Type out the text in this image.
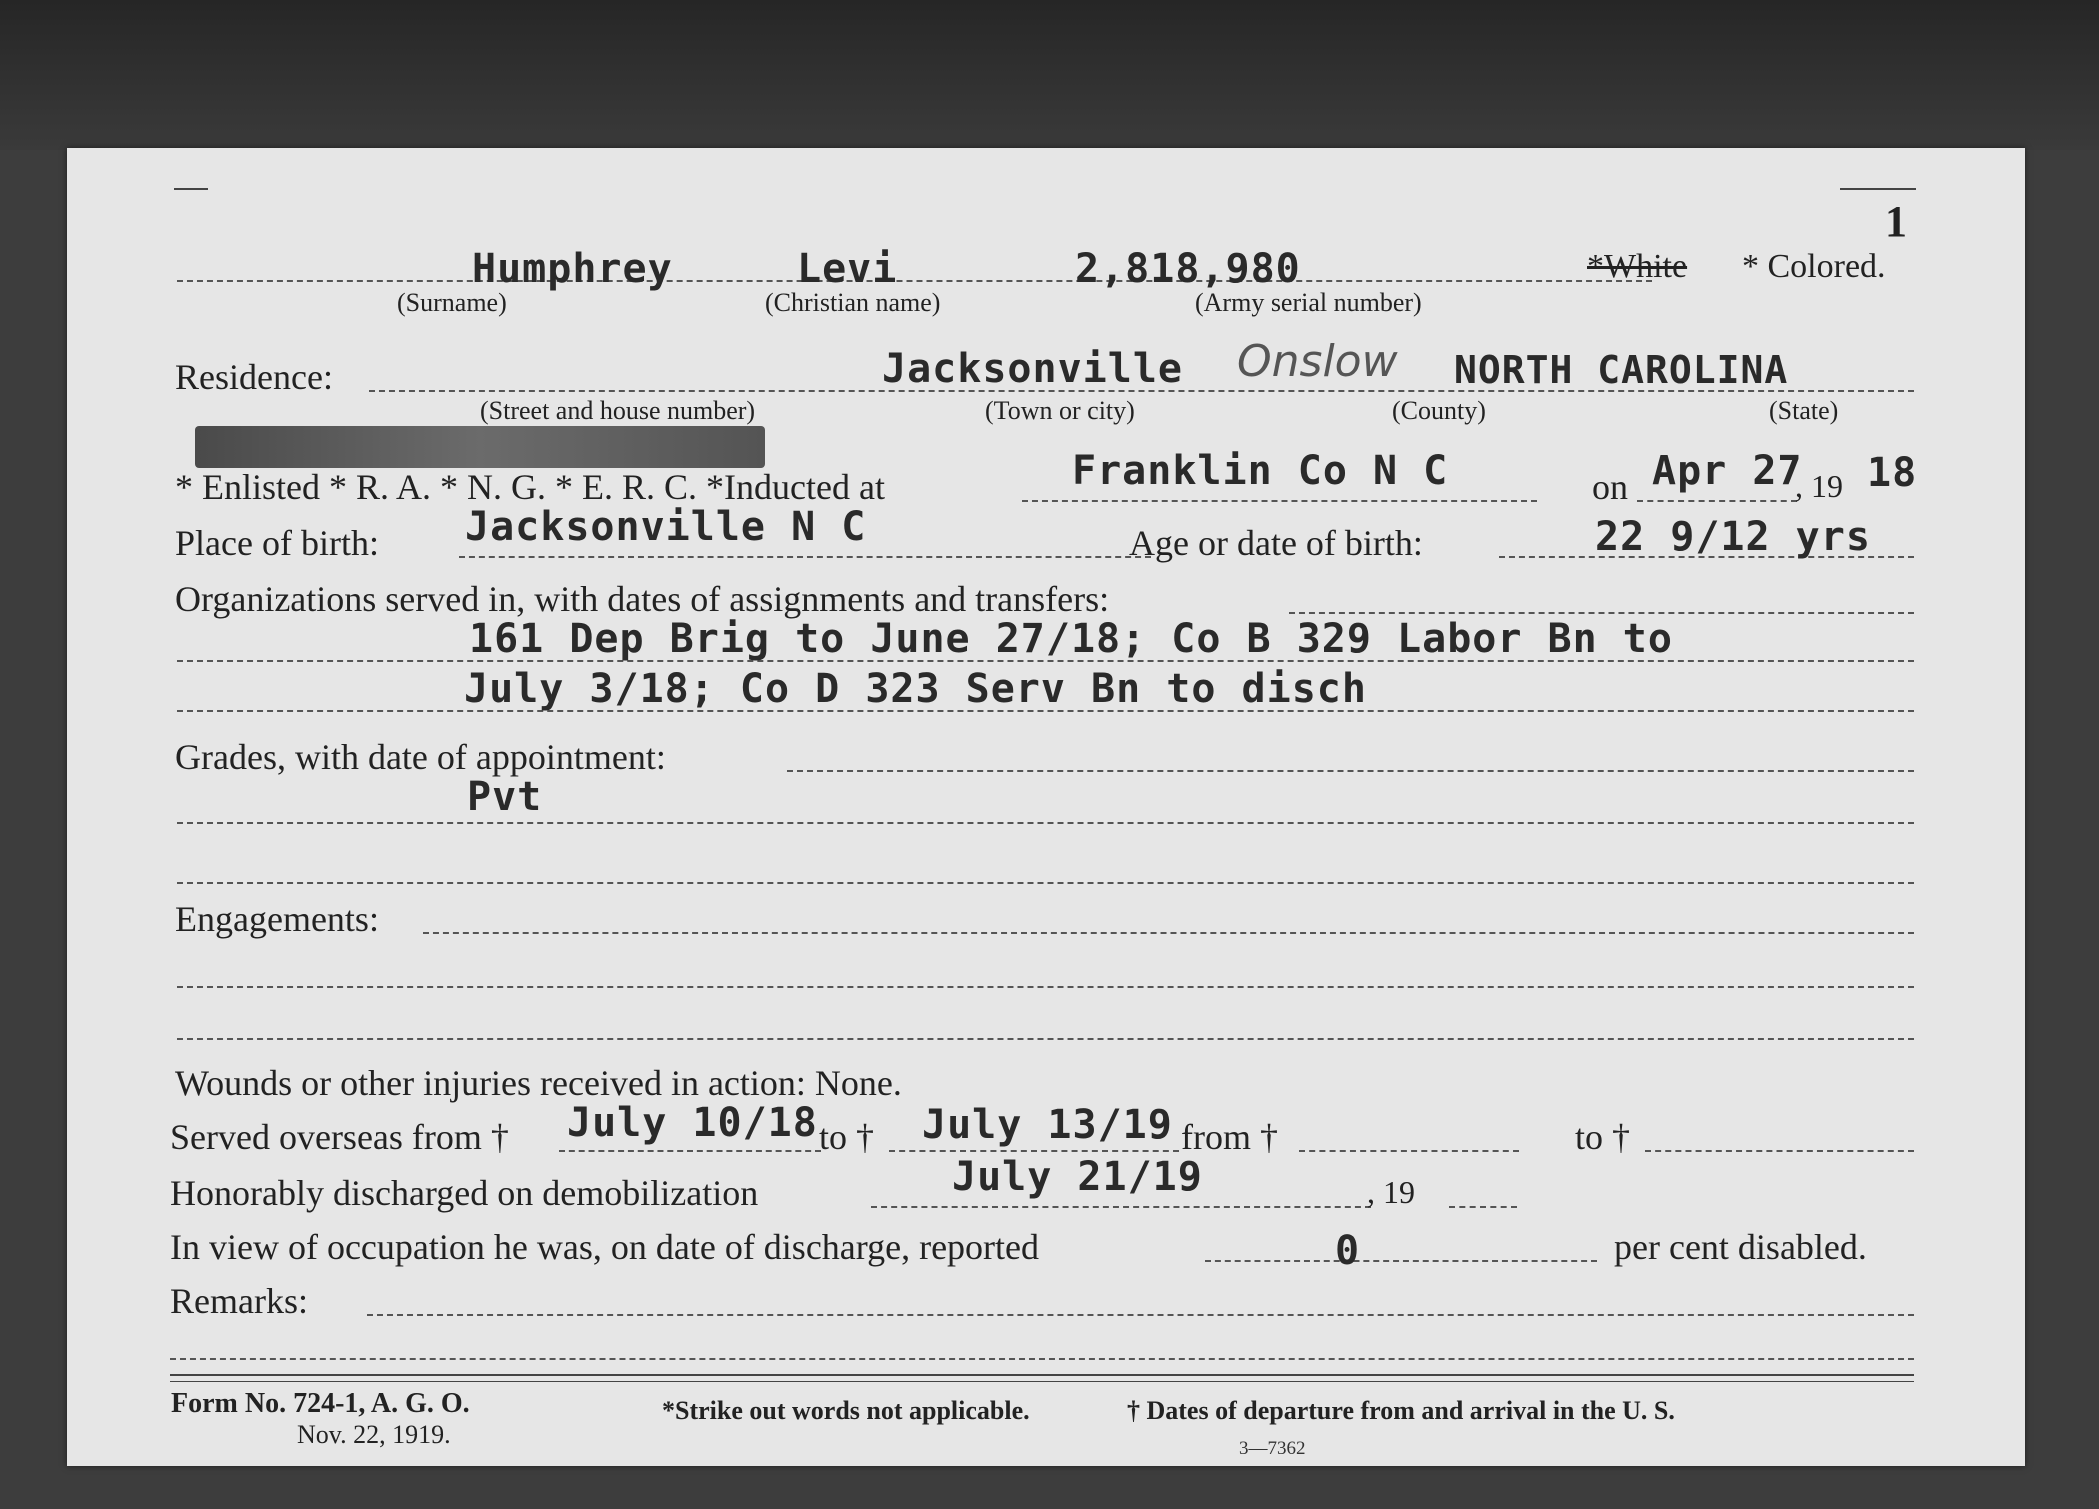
1
Humphrey	Levi	2,818,980	*White * Colored.
(Surname)	(Christian name)	(Army serial number)
Residence:	Jacksonville Onslow NORTH CAROLINA
(Street and house number)	(Town or city)	(County)	(State)
* Enlisted * R. A. * N. G. * E. R. C. *Inducted at	Franklin Co N C	on Apr 27
, 19 18
Place of birth: Jacksonville N C	Age or date of birth:	22 9/12 yrs
Organizations served in, with dates of assignments and transfers:
161 Dep Brig to June 27/18; Co B 329 Labor Bn to
July 3/18; Co D 323 Serv Bn to disch
Grades, with date of appointment:
Pvt
Engagements:
Wounds or other injuries received in action: None.
Served overseas from † July 10/18 to † July 13/19 from †	to †
Honorably discharged on demobilization	July 21/19	, 19
In view of occupation he was, on date of discharge, reported	0	per cent disabled.
Remarks:
Form No. 724-1, A. G. O.
Nov. 22, 1919.
*Strike out words not applicable.	† Dates of departure from and arrival in the U. S.
3—7362
